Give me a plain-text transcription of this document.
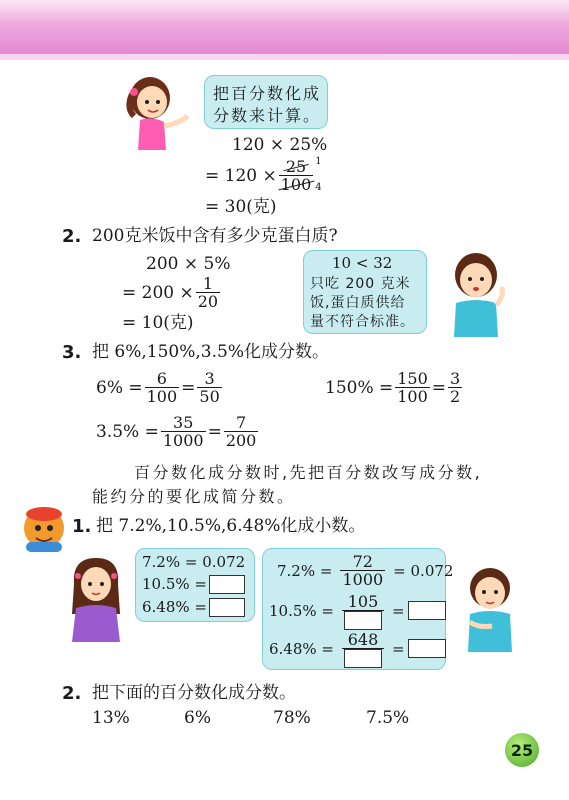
把百分数化成
分数来计算。
120 × 25%
= $120 \times \frac{25}{100} 1$
4
= 30(克)
2. 200克米饭中含有多少克蛋白质?
200 × 5%
= $200 \times \frac{1}{20}$
= 10(克)
10 < 32
只吃 200 克米
饭,蛋白质供给
量不符合标准。
3. 把 6%,150%,3.5%化成分数。
$6\% = \frac{6}{100} = \frac{3}{50}$	$150\% = \frac{150}{100} = \frac{3}{2}$
$3.5\% = \frac{35}{1000} = \frac{7}{200}$
百分数化成分数时,先把百分数改写成分数,
能约分的要化成简分数。
1. 把 7.2%,10.5%,6.48%化成小数。
7.2% = 0.072
10.5% =
6.48% =
$7.2\% = \frac{72}{1000} = 0.072$
10.5% = 105 =
6.48% = 648 =
2. 把下面的百分数化成分数。
13%	6%	78%	7.5%
25
